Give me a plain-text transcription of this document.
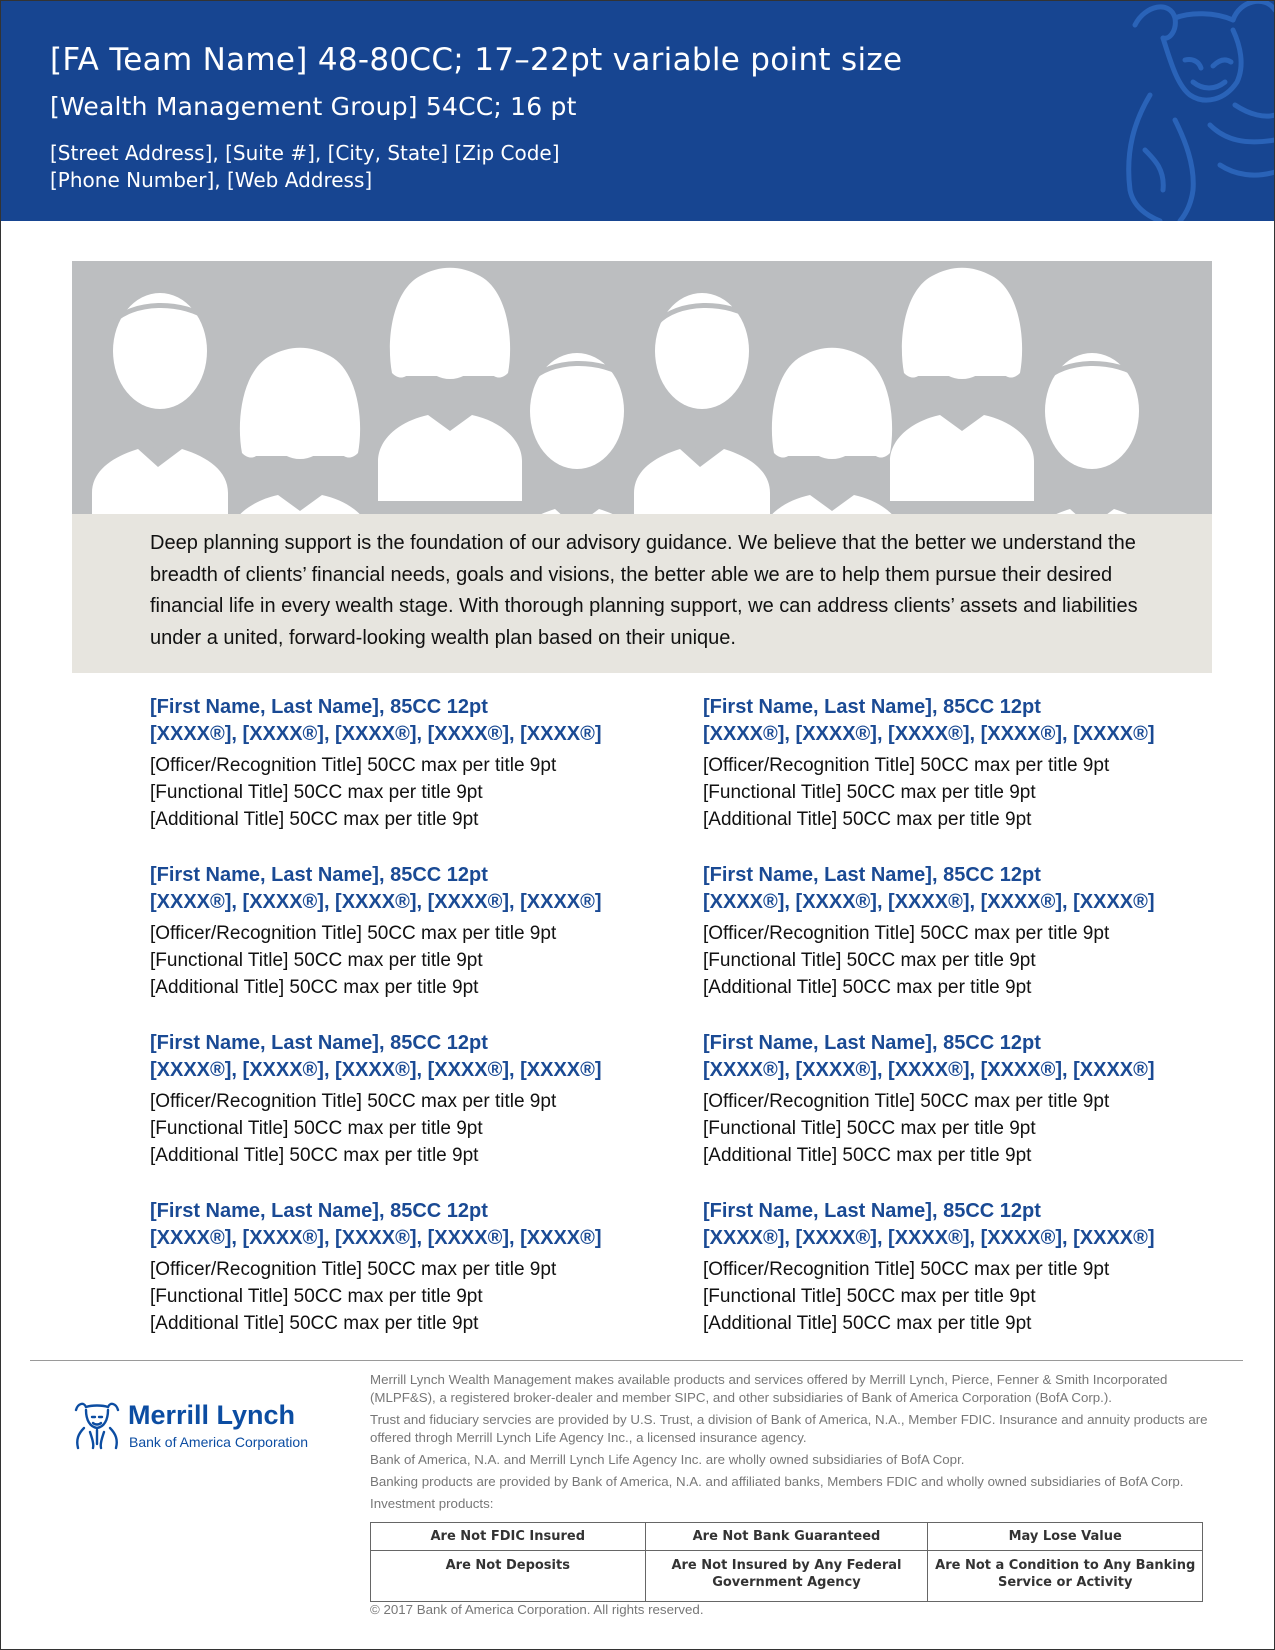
[FA Team Name] 48-80CC; 17–22pt variable point size
[Wealth Management Group] 54CC; 16 pt
[Street Address], [Suite #], [City, State] [Zip Code]
[Phone Number], [Web Address]

Deep planning support is the foundation of our advisory guidance. We believe that the better we understand the breadth of clients’ financial needs, goals and visions, the better able we are to help them pursue their desired financial life in every wealth stage. With thorough planning support, we can address clients’ assets and liabilities under a united, forward-looking wealth plan based on their unique.

[First Name, Last Name], 85CC 12pt
[XXXX®], [XXXX®], [XXXX®], [XXXX®], [XXXX®]
[Officer/Recognition Title] 50CC max per title 9pt
[Functional Title] 50CC max per title 9pt
[Additional Title] 50CC max per title 9pt
[First Name, Last Name], 85CC 12pt
[XXXX®], [XXXX®], [XXXX®], [XXXX®], [XXXX®]
[Officer/Recognition Title] 50CC max per title 9pt
[Functional Title] 50CC max per title 9pt
[Additional Title] 50CC max per title 9pt
[First Name, Last Name], 85CC 12pt
[XXXX®], [XXXX®], [XXXX®], [XXXX®], [XXXX®]
[Officer/Recognition Title] 50CC max per title 9pt
[Functional Title] 50CC max per title 9pt
[Additional Title] 50CC max per title 9pt
[First Name, Last Name], 85CC 12pt
[XXXX®], [XXXX®], [XXXX®], [XXXX®], [XXXX®]
[Officer/Recognition Title] 50CC max per title 9pt
[Functional Title] 50CC max per title 9pt
[Additional Title] 50CC max per title 9pt
[First Name, Last Name], 85CC 12pt
[XXXX®], [XXXX®], [XXXX®], [XXXX®], [XXXX®]
[Officer/Recognition Title] 50CC max per title 9pt
[Functional Title] 50CC max per title 9pt
[Additional Title] 50CC max per title 9pt
[First Name, Last Name], 85CC 12pt
[XXXX®], [XXXX®], [XXXX®], [XXXX®], [XXXX®]
[Officer/Recognition Title] 50CC max per title 9pt
[Functional Title] 50CC max per title 9pt
[Additional Title] 50CC max per title 9pt
[First Name, Last Name], 85CC 12pt
[XXXX®], [XXXX®], [XXXX®], [XXXX®], [XXXX®]
[Officer/Recognition Title] 50CC max per title 9pt
[Functional Title] 50CC max per title 9pt
[Additional Title] 50CC max per title 9pt
[First Name, Last Name], 85CC 12pt
[XXXX®], [XXXX®], [XXXX®], [XXXX®], [XXXX®]
[Officer/Recognition Title] 50CC max per title 9pt
[Functional Title] 50CC max per title 9pt
[Additional Title] 50CC max per title 9pt
Merrill Lynch
Bank of America Corporation

Merrill Lynch Wealth Management makes available products and services offered by Merrill Lynch, Pierce, Fenner & Smith Incorporated (MLPF&S), a registered broker-dealer and member SIPC, and other subsidiaries of Bank of America Corporation (BofA Corp.).

Trust and fiduciary servcies are provided by U.S. Trust, a division of Bank of America, N.A., Member FDIC. Insurance and annuity products are offered throgh Merrill Lynch Life Agency Inc., a licensed insurance agency.

Bank of America, N.A. and Merrill Lynch Life Agency Inc. are wholly owned subsidiaries of BofA Copr.

Banking products are provided by Bank of America, N.A. and affiliated banks, Members FDIC and wholly owned subsidiaries of BofA Corp.

Investment products:

Are Not FDIC Insured	Are Not Bank Guaranteed	May Lose Value
Are Not Deposits	Are Not Insured by Any Federal Government Agency	Are Not a Condition to Any Banking Service or Activity
© 2017 Bank of America Corporation. All rights reserved.
